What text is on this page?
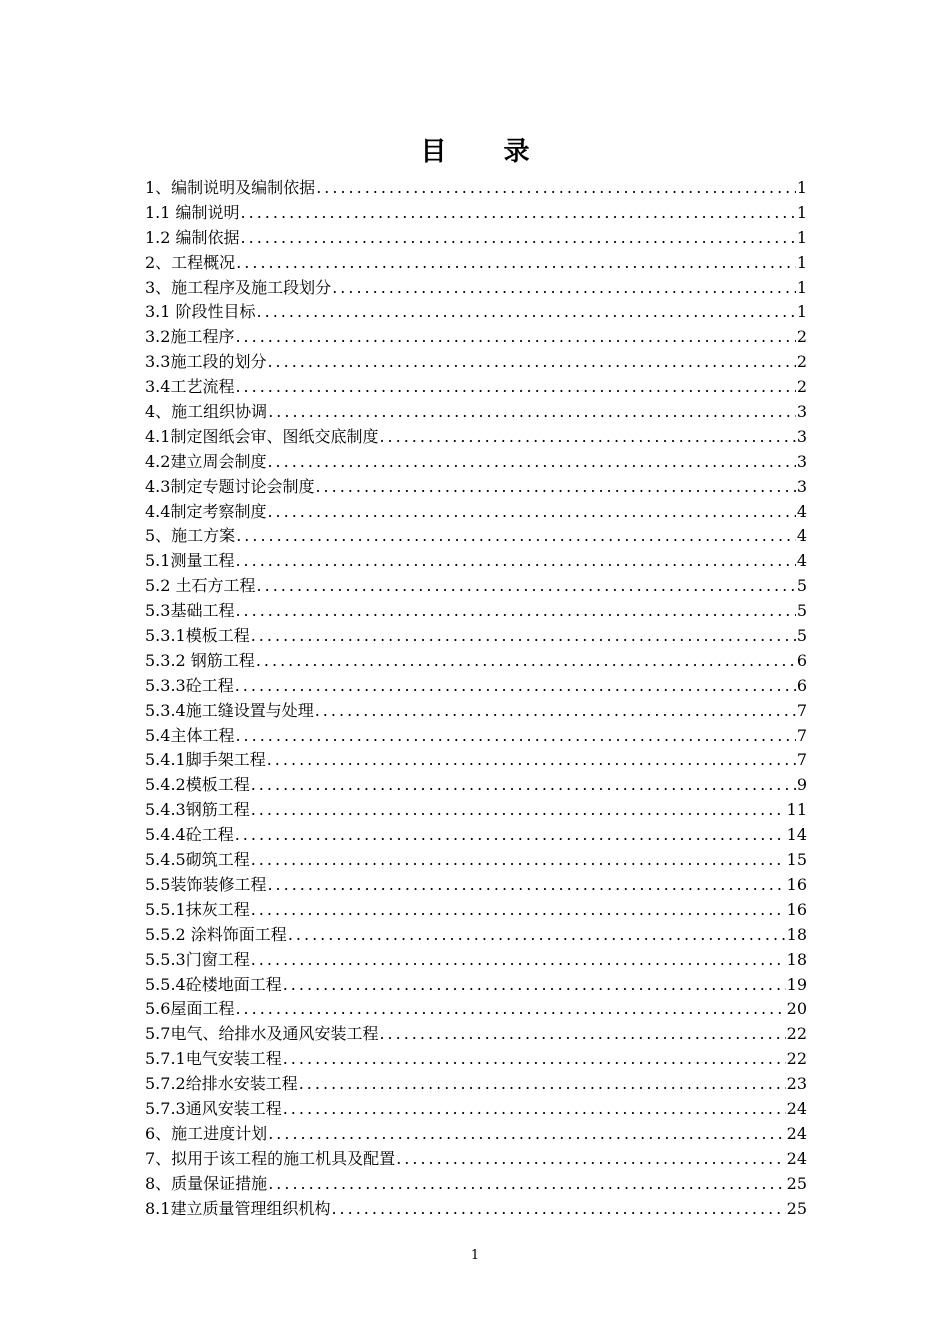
目 录
1、编制说明及编制依据 .....	1
1.1 编制说明 .....	1
1.2 编制依据 .....	1
2、工程概况 .....	1
3、施工程序及施工段划分 .....	1
3.1 阶段性目标 .....	1
3.2施工程序 .....	2
3.3施工段的划分 .....	2
3.4工艺流程 .....	2
4、施工组织协调 .....	3
4.1制定图纸会审、图纸交底制度 .....	3
4.2建立周会制度 .....	3
4.3制定专题讨论会制度 .....	3
4.4制定考察制度 .....	4
5、施工方案 .....	4
5.1测量工程 .....	4
5.2 土石方工程 .....	5
5.3基础工程 .....	5
5.3.1模板工程 .....	5
5.3.2 钢筋工程 .....	6
5.3.3砼工程 .....	6
5.3.4施工缝设置与处理 .....	7
5.4主体工程 .....	7
5.4.1脚手架工程 .....	7
5.4.2模板工程 .....	9
5.4.3钢筋工程 .....	11
5.4.4砼工程 .....	14
5.4.5砌筑工程 .....	15
5.5装饰装修工程 .....	16
5.5.1抹灰工程 .....	16
5.5.2 涂料饰面工程 .....	18
5.5.3门窗工程 .....	18
5.5.4砼楼地面工程 .....	19
5.6屋面工程 .....	20
5.7电气、给排水及通风安装工程 .....	22
5.7.1电气安装工程 .....	22
5.7.2给排水安装工程 .....	23
5.7.3通风安装工程 .....	24
6、施工进度计划 .....	24
7、拟用于该工程的施工机具及配置 .....	24
8、质量保证措施 .....	25
8.1建立质量管理组织机构 .....	25
1
